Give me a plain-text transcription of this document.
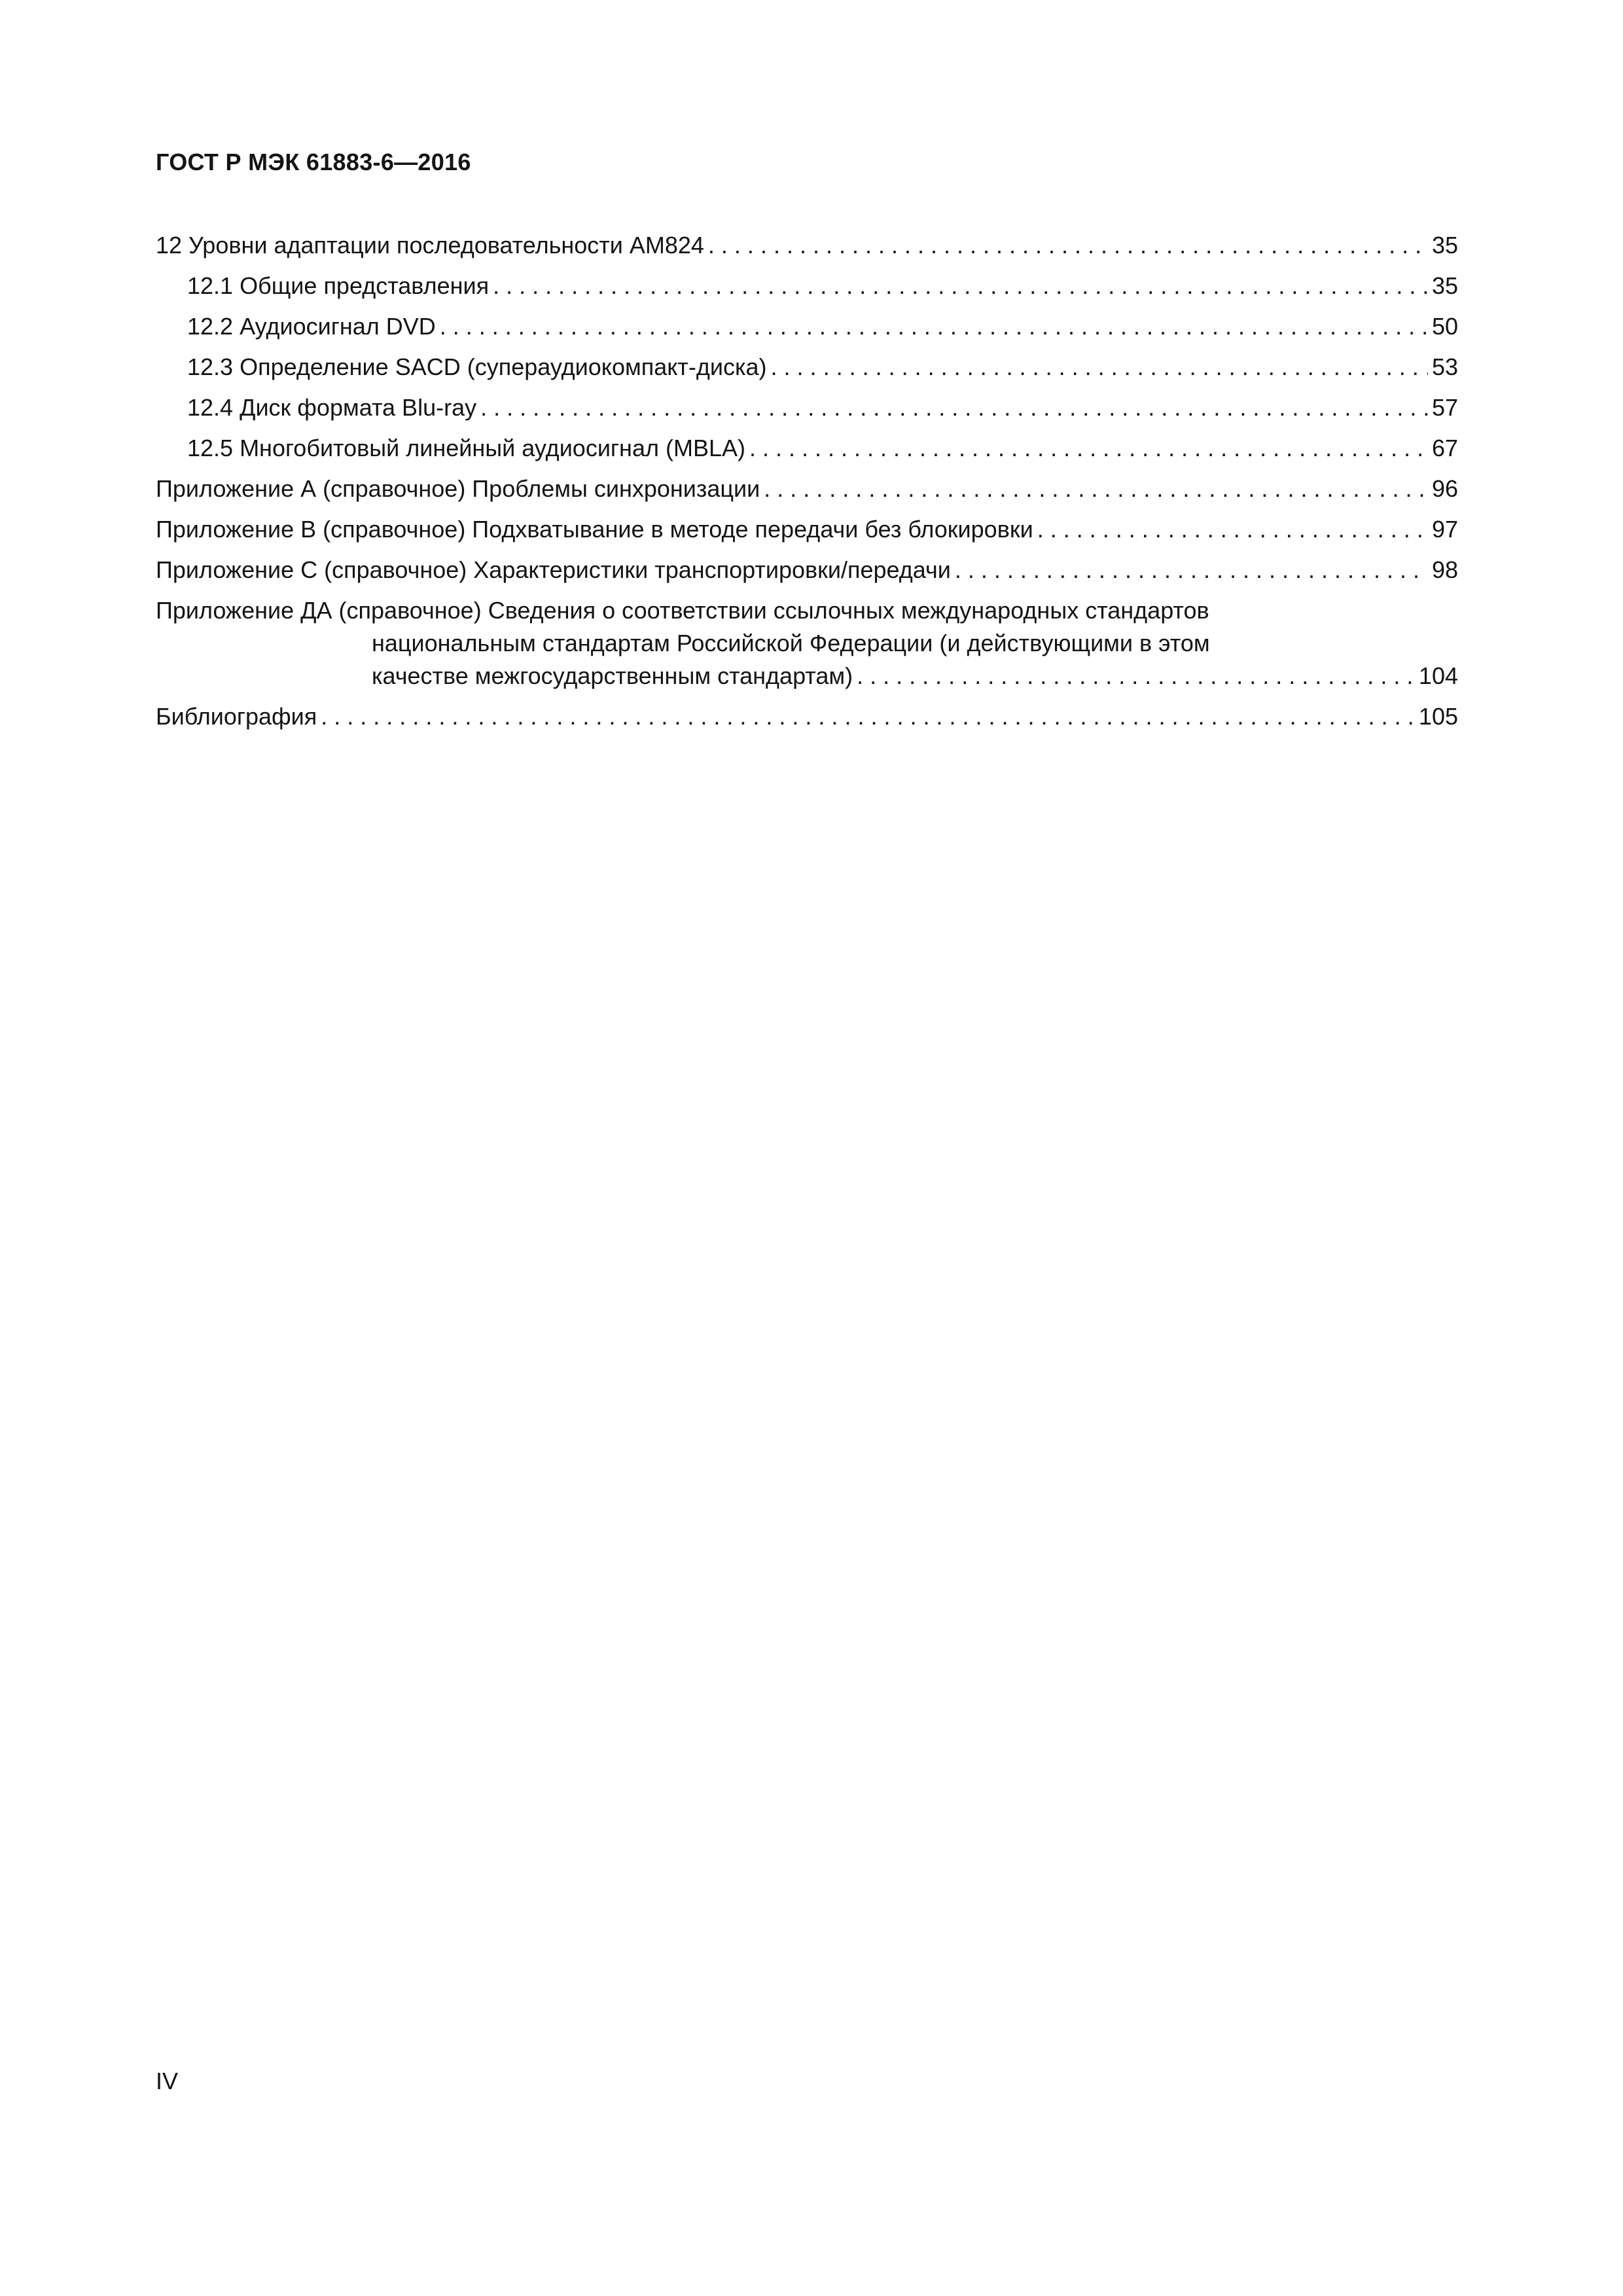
ГОСТ Р МЭК 61883-6—2016
12 Уровни адаптации последовательности AM824 . . .	35
12.1 Общие представления . . .	35
12.2 Аудиосигнал DVD . . .	50
12.3 Определение SACD (супераудиокомпакт-диска) . . .	53
12.4 Диск формата Blu-ray . . .	57
12.5 Многобитовый линейный аудиосигнал (MBLA) . . .	67
Приложение А (справочное) Проблемы синхронизации . . .	96
Приложение В (справочное) Подхватывание в методе передачи без блокировки . . .	97
Приложение С (справочное) Характеристики транспортировки/передачи . . .	98
Приложение ДА (справочное) Сведения о соответствии ссылочных международных стандартов
национальным стандартам Российской Федерации (и действующими в этом
качестве межгосударственным стандартам) . . .	104
Библиография . . .	105
IV
